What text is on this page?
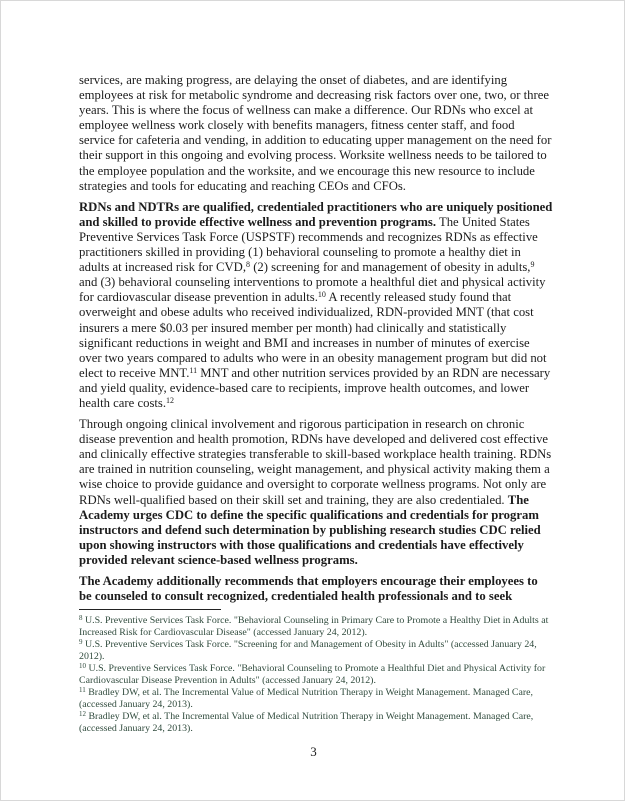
services, are making progress, are delaying the onset of diabetes, and are identifying employees at risk for metabolic syndrome and decreasing risk factors over one, two, or three years. This is where the focus of wellness can make a difference. Our RDNs who excel at employee wellness work closely with benefits managers, fitness center staff, and food service for cafeteria and vending, in addition to educating upper management on the need for their support in this ongoing and evolving process. Worksite wellness needs to be tailored to the employee population and the worksite, and we encourage this new resource to include strategies and tools for educating and reaching CEOs and CFOs.

RDNs and NDTRs are qualified, credentialed practitioners who are uniquely positioned and skilled to provide effective wellness and prevention programs. The United States Preventive Services Task Force (USPSTF) recommends and recognizes RDNs as effective practitioners skilled in providing (1) behavioral counseling to promote a healthy diet in adults at increased risk for CVD,$^8$ (2) screening for and management of obesity in adults,$^9$ and (3) behavioral counseling interventions to promote a healthful diet and physical activity for cardiovascular disease prevention in adults.$^{10}$ A recently released study found that overweight and obese adults who received individualized, RDN-provided MNT (that cost insurers a mere $0.03 per insured member per month) had clinically and statistically significant reductions in weight and BMI and increases in number of minutes of exercise over two years compared to adults who were in an obesity management program but did not elect to receive MNT.$^{11}$ MNT and other nutrition services provided by an RDN are necessary and yield quality, evidence-based care to recipients, improve health outcomes, and lower health care costs.$^{12}$

Through ongoing clinical involvement and rigorous participation in research on chronic disease prevention and health promotion, RDNs have developed and delivered cost effective and clinically effective strategies transferable to skill-based workplace health training. RDNs are trained in nutrition counseling, weight management, and physical activity making them a wise choice to provide guidance and oversight to corporate wellness programs. Not only are RDNs well-qualified based on their skill set and training, they are also credentialed. The Academy urges CDC to define the specific qualifications and credentials for program instructors and defend such determination by publishing research studies CDC relied upon showing instructors with those qualifications and credentials have effectively provided relevant science-based wellness programs.

The Academy additionally recommends that employers encourage their employees to be counseled to consult recognized, credentialed health professionals and to seek

$^8$ U.S. Preventive Services Task Force. "Behavioral Counseling in Primary Care to Promote a Healthy Diet in Adults at Increased Risk for Cardiovascular Disease" (accessed January 24, 2012).
$^9$ U.S. Preventive Services Task Force. "Screening for and Management of Obesity in Adults" (accessed January 24, 2012).
$^{10}$ U.S. Preventive Services Task Force. "Behavioral Counseling to Promote a Healthful Diet and Physical Activity for Cardiovascular Disease Prevention in Adults" (accessed January 24, 2012).
$^{11}$ Bradley DW, et al. The Incremental Value of Medical Nutrition Therapy in Weight Management. Managed Care, (accessed January 24, 2013).
$^{12}$ Bradley DW, et al. The Incremental Value of Medical Nutrition Therapy in Weight Management. Managed Care, (accessed January 24, 2013).
3
